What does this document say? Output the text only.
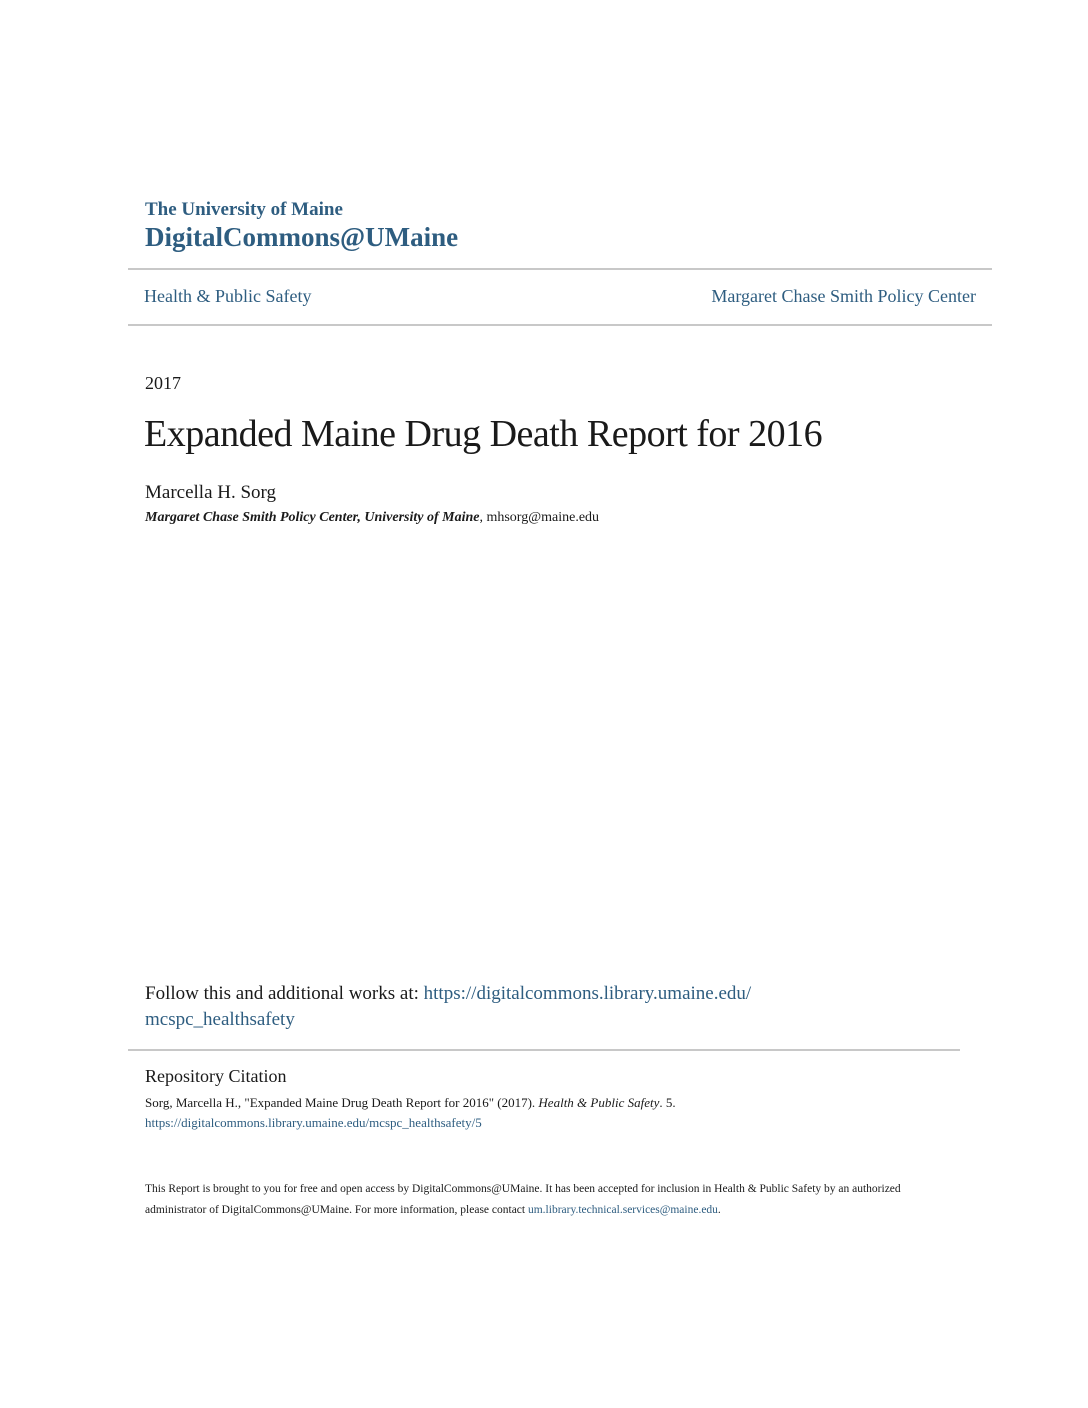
The University of Maine
DigitalCommons@UMaine
Health & Public Safety	Margaret Chase Smith Policy Center
2017
Expanded Maine Drug Death Report for 2016
Marcella H. Sorg
Margaret Chase Smith Policy Center, University of Maine, mhsorg@maine.edu
Follow this and additional works at: https://digitalcommons.library.umaine.edu/
mcspc_healthsafety
Repository Citation
Sorg, Marcella H., "Expanded Maine Drug Death Report for 2016" (2017). Health & Public Safety. 5.
https://digitalcommons.library.umaine.edu/mcspc_healthsafety/5
This Report is brought to you for free and open access by DigitalCommons@UMaine. It has been accepted for inclusion in Health & Public Safety by an authorized administrator of DigitalCommons@UMaine. For more information, please contact um.library.technical.services@maine.edu.
